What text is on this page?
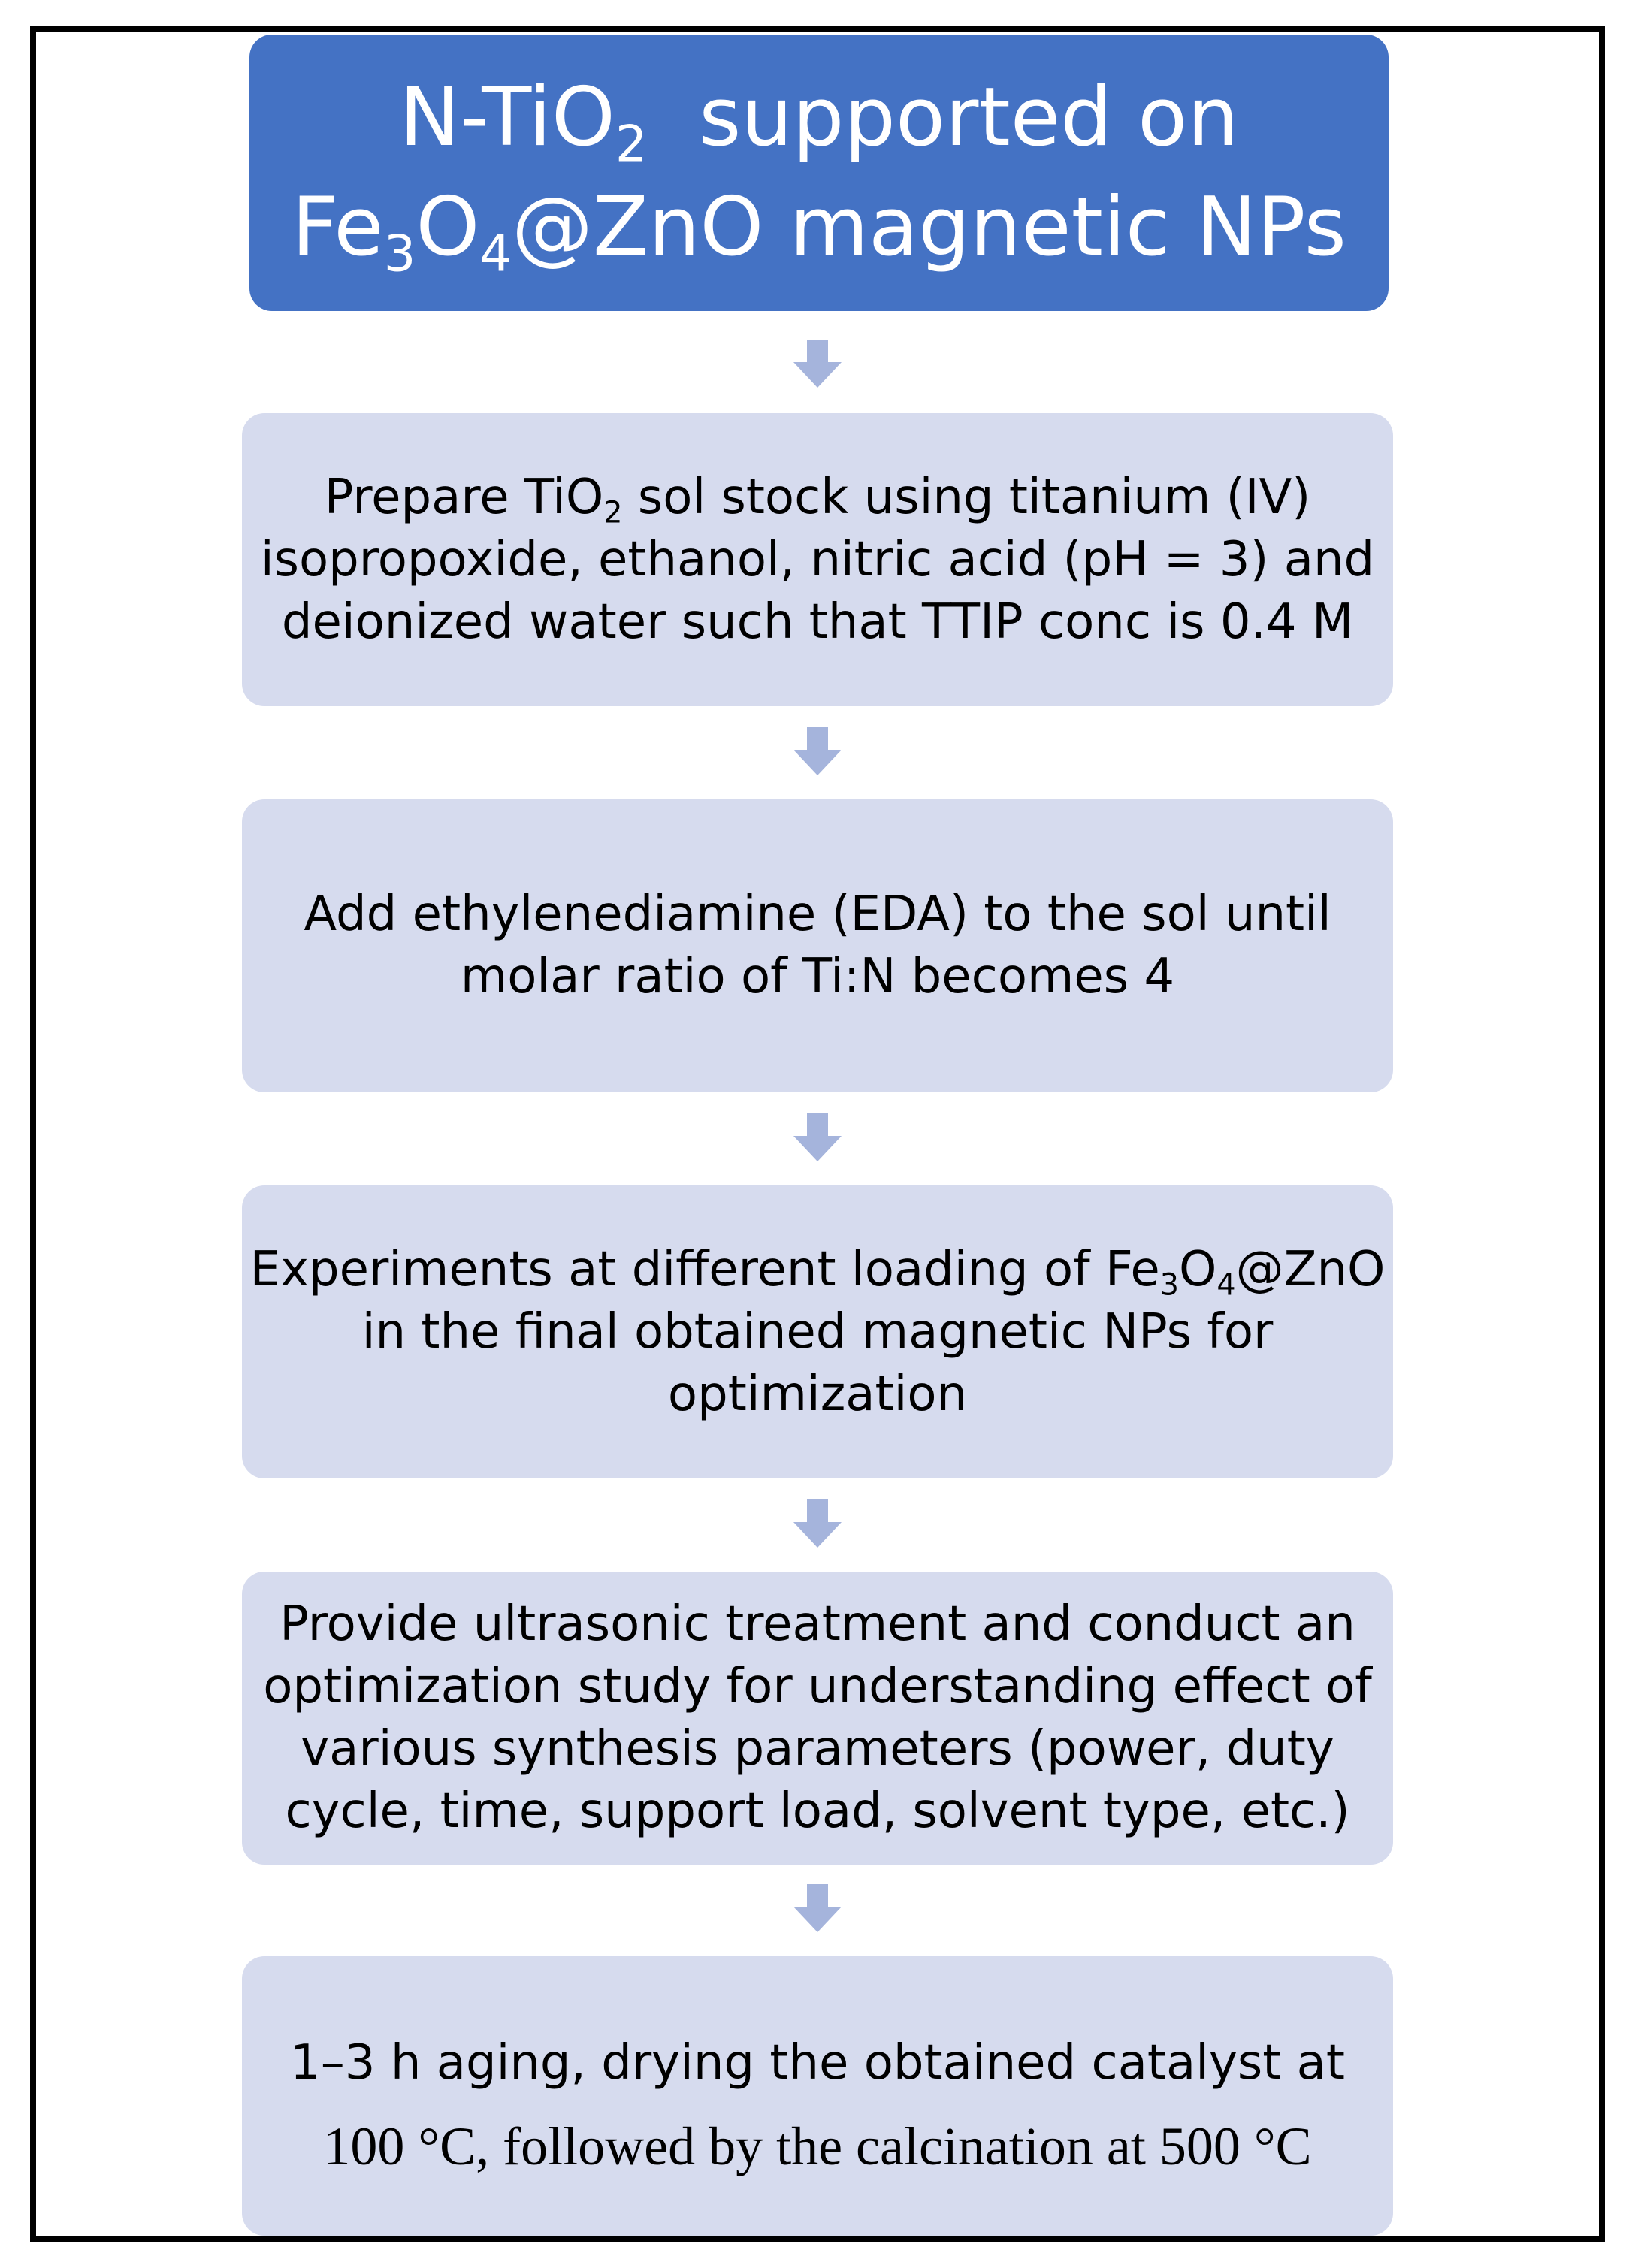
N-TiO$_2$  supported on
$Fe_3O_4@ZnO$ magnetic NPs
Prepare TiO$_2$ sol stock using titanium (IV)
isopropoxide, ethanol, nitric acid (pH = 3) and
deionized water such that TTIP conc is 0.4 M
Add ethylenediamine (EDA) to the sol until
molar ratio of Ti:N becomes 4
Experiments at different loading of $Fe_3O_4@ZnO$
in the final obtained magnetic NPs for
optimization
Provide ultrasonic treatment and conduct an
optimization study for understanding effect of
various synthesis parameters (power, duty
cycle, time, support load, solvent type, etc.)
1–3 h aging, drying the obtained catalyst at
100 °C, followed by the calcination at 500 °C
